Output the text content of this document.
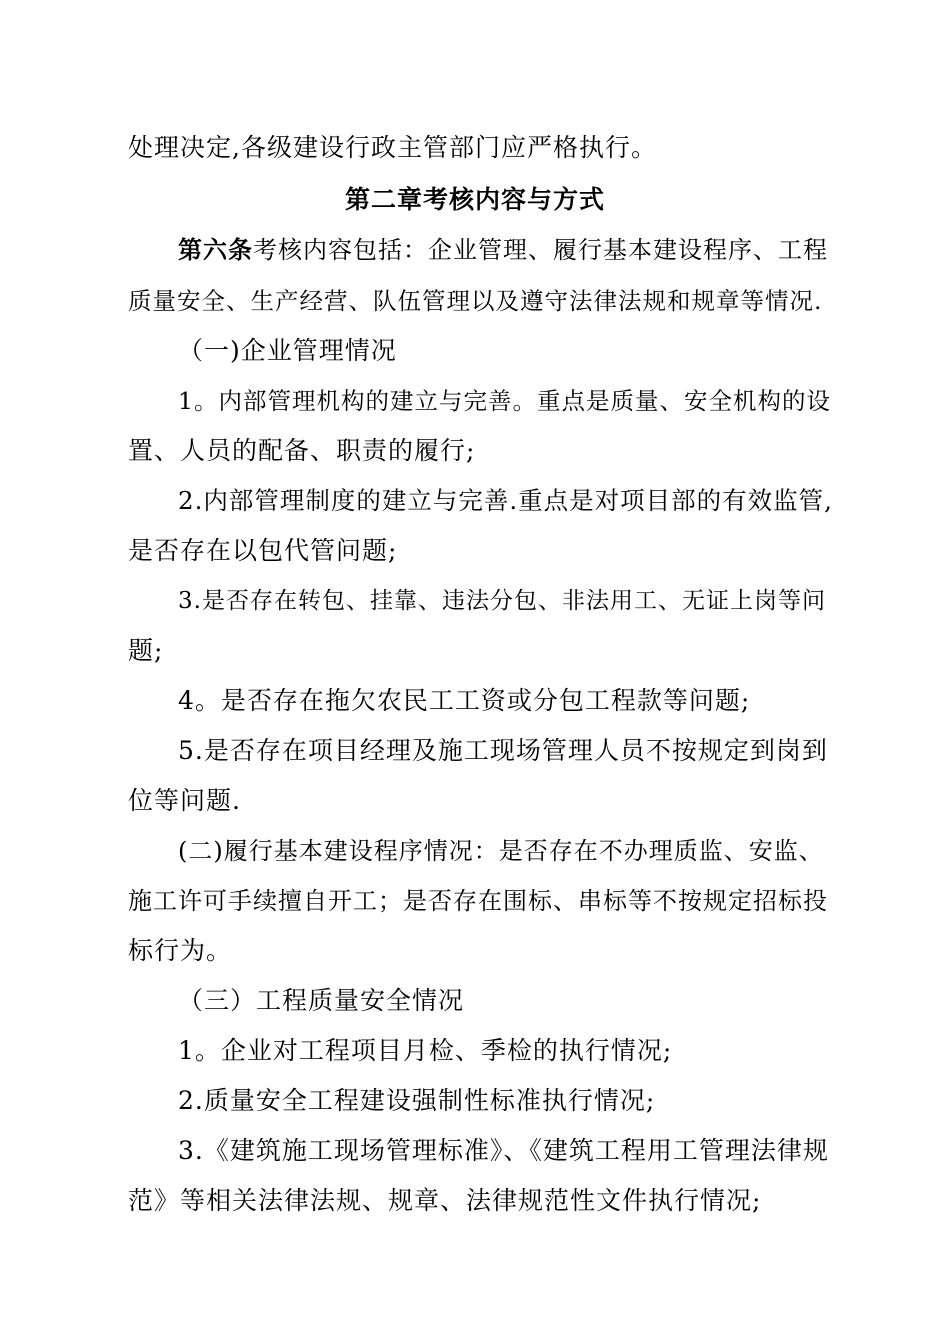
处理决定,各级建设行政主管部门应严格执行。
第二章考核内容与方式
第六条考核内容包括：企业管理、履行基本建设程序、工程
质量安全、生产经营、队伍管理以及遵守法律法规和规章等情况.
（一)企业管理情况
1。内部管理机构的建立与完善。重点是质量、安全机构的设
置、人员的配备、职责的履行;
2.内部管理制度的建立与完善.重点是对项目部的有效监管,
是否存在以包代管问题;
3.是否存在转包、挂靠、违法分包、非法用工、无证上岗等问
题;
4。是否存在拖欠农民工工资或分包工程款等问题;
5.是否存在项目经理及施工现场管理人员不按规定到岗到
位等问题.
(二)履行基本建设程序情况：是否存在不办理质监、安监、
施工许可手续擅自开工；是否存在围标、串标等不按规定招标投
标行为。
（三）工程质量安全情况
1。企业对工程项目月检、季检的执行情况;
2.质量安全工程建设强制性标准执行情况;
3.《建筑施工现场管理标准》、《建筑工程用工管理法律规
范》等相关法律法规、规章、法律规范性文件执行情况;
